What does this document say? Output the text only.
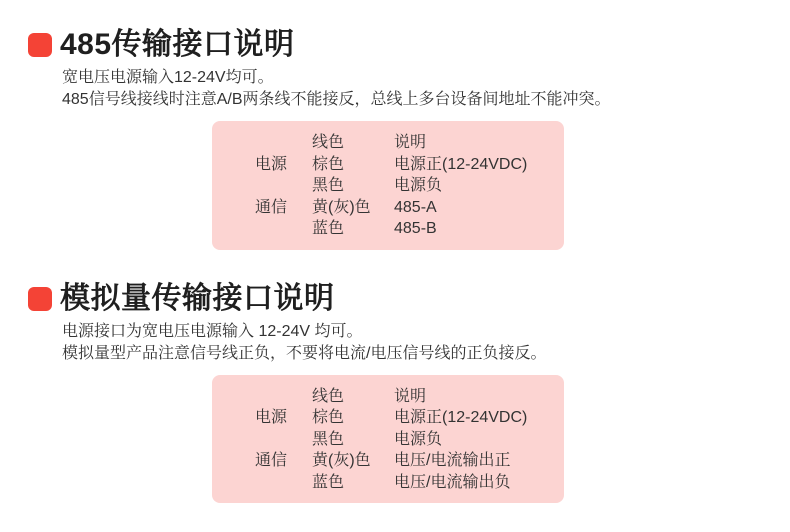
485传输接口说明

宽电压电源输入12-24V均可。

485信号线接线时注意A/B两条线不能接反，总线上多台设备间地址不能冲突。

线色	说明
电源	棕色	电源正(12-24VDC)
黑色	电源负
通信	黄(灰)色	485-A
蓝色	485-B
模拟量传输接口说明

电源接口为宽电压电源输入 12-24V 均可。

模拟量型产品注意信号线正负，不要将电流/电压信号线的正负接反。

线色	说明
电源	棕色	电源正(12-24VDC)
黑色	电源负
通信	黄(灰)色	电压/电流输出正
蓝色	电压/电流输出负
